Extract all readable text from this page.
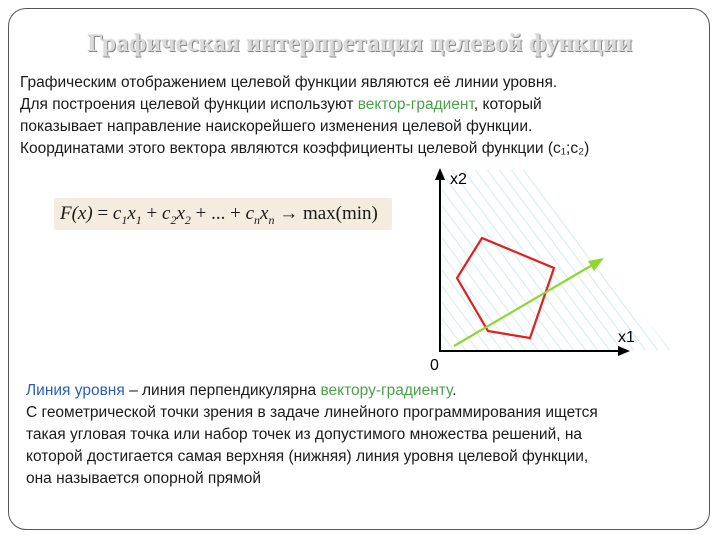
Графическая интерпретация целевой функции

Графическим отображением целевой функции являются её линии уровня.

Для построения целевой функции используют вектор-градиент, который

показывает направление наискорейшего изменения целевой функции.

Координатами этого вектора являются коэффициенты целевой функции (c₁;c₂)

$F(x) = c_1x_1 + c_2x_2$ + ... + $c_nx_n \to \max(\min)$
x2
x1
0

Линия уровня – линия перпендикулярна вектору-градиенту.

С геометрической точки зрения в задаче линейного программирования ищется

такая угловая точка или набор точек из допустимого множества решений, на

которой достигается самая верхняя (нижняя) линия уровня целевой функции,

она называется опорной прямой
